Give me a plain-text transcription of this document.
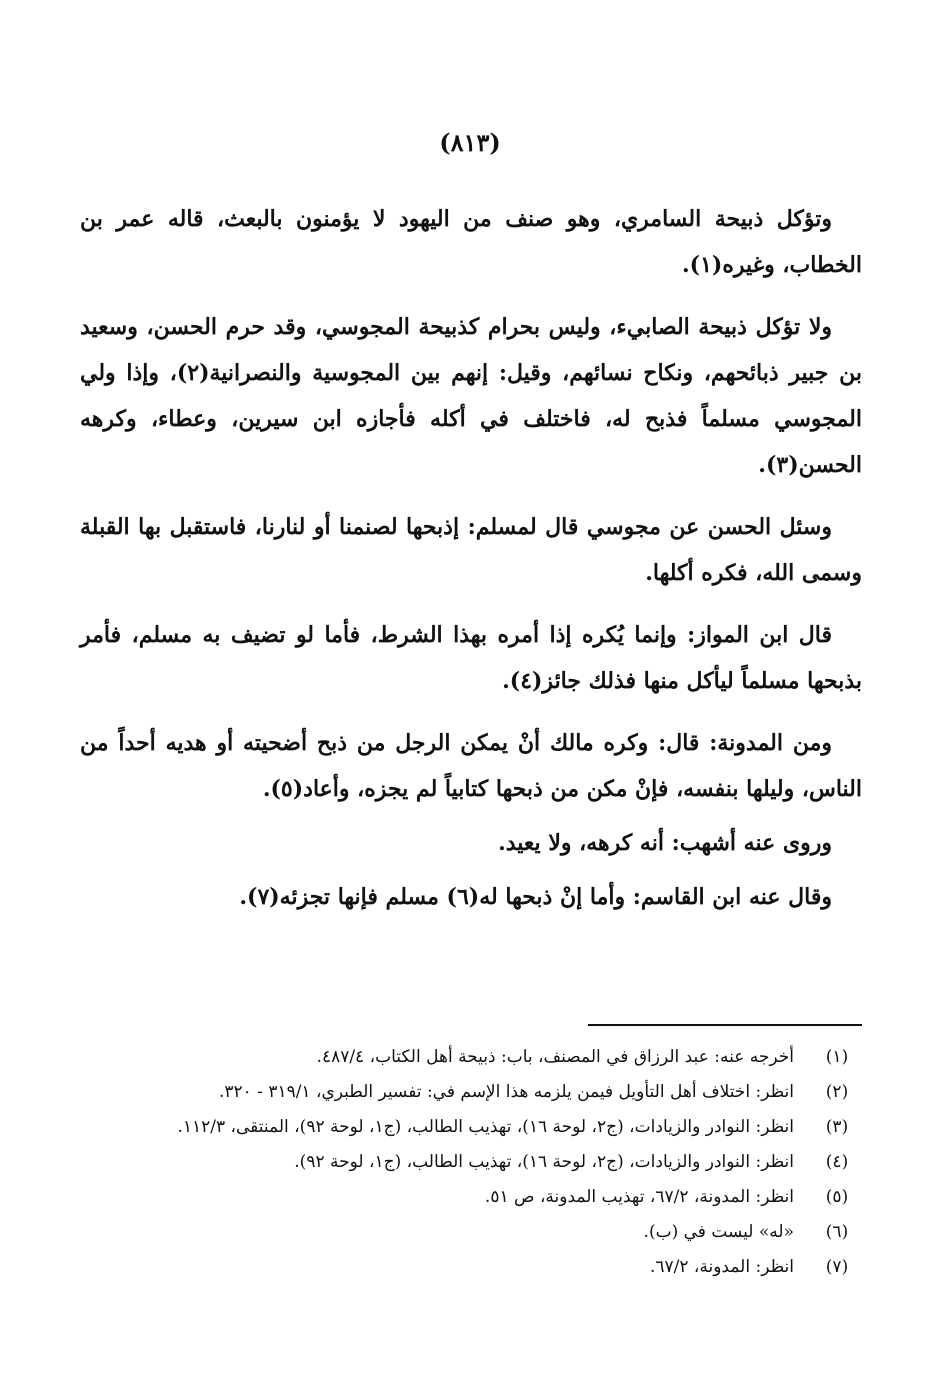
(٨١٣)

وتؤكل ذبيحة السامري، وهو صنف من اليهود لا يؤمنون بالبعث، قاله عمر بن الخطاب، وغيره(١).

ولا تؤكل ذبيحة الصابيء، وليس بحرام كذبيحة المجوسي، وقد حرم الحسن، وسعيد بن جبير ذبائحهم، ونكاح نسائهم، وقيل: إنهم بين المجوسية والنصرانية(٢)، وإذا ولي المجوسي مسلماً فذبح له، فاختلف في أكله فأجازه ابن سيرين، وعطاء، وكرهه الحسن(٣).

وسئل الحسن عن مجوسي قال لمسلم: إذبحها لصنمنا أو لنارنا، فاستقبل بها القبلة وسمى الله، فكره أكلها.

قال ابن المواز: وإنما يُكره إذا أمره بهذا الشرط، فأما لو تضيف به مسلم، فأمر بذبحها مسلماً ليأكل منها فذلك جائز(٤).

ومن المدونة: قال: وكره مالك أنْ يمكن الرجل من ذبح أضحيته أو هديه أحداً من الناس، وليلها بنفسه، فإنْ مكن من ذبحها كتابياً لم يجزه، وأعاد(٥).

وروى عنه أشهب: أنه كرهه، ولا يعيد.

وقال عنه ابن القاسم: وأما إنْ ذبحها له(٦) مسلم فإنها تجزئه(٧).

(١)
أخرجه عنه: عبد الرزاق في المصنف، باب: ذبيحة أهل الكتاب، ٤٨٧/٤.
(٢)
انظر: اختلاف أهل التأويل فيمن يلزمه هذا الإسم في: تفسير الطبري، ٣١٩/١ - ٣٢٠.
(٣)
انظر: النوادر والزيادات، (ج٢، لوحة ١٦)، تهذيب الطالب، (ج١، لوحة ٩٢)، المنتقى، ١١٢/٣.
(٤)
انظر: النوادر والزيادات، (ج٢، لوحة ١٦)، تهذيب الطالب، (ج١، لوحة ٩٢).
(٥)
انظر: المدونة، ٦٧/٢، تهذيب المدونة، ص ٥١.
(٦)
«له» ليست في (ب).
(٧)
انظر: المدونة، ٦٧/٢.
